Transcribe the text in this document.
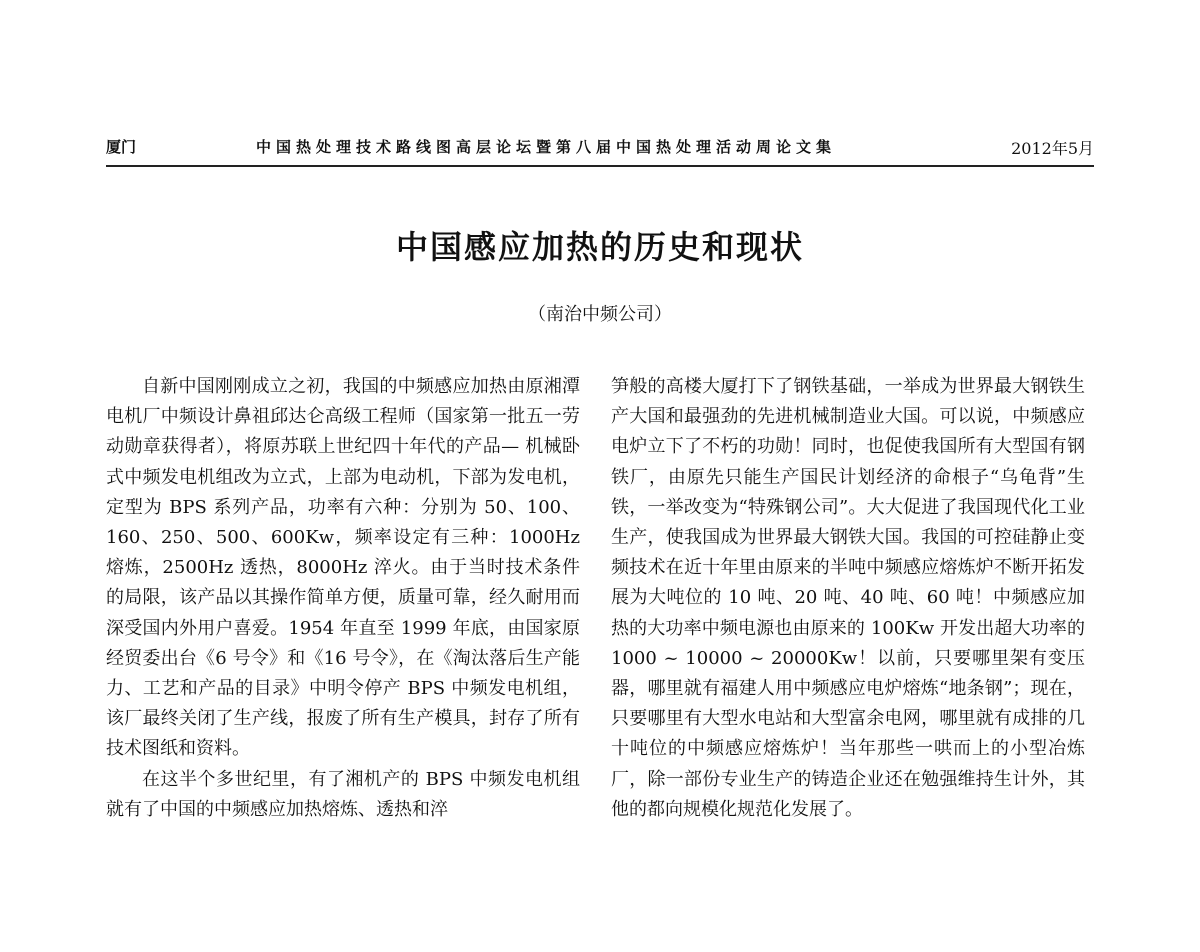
厦门	中国热处理技术路线图高层论坛暨第八届中国热处理活动周论文集	2012年5月
中国感应加热的历史和现状
（南治中频公司）

自新中国刚刚成立之初，我国的中频感应加热由原湘潭电机厂中频设计鼻祖邱达仑高级工程师（国家第一批五一劳动勋章获得者），将原苏联上世纪四十年代的产品— 机械卧式中频发电机组改为立式，上部为电动机，下部为发电机，定型为 BPS 系列产品，功率有六种：分别为 50、100、160、250、500、600Kw，频率设定有三种：1000Hz 熔炼，2500Hz 透热，8000Hz 淬火。由于当时技术条件的局限，该产品以其操作简单方便，质量可靠，经久耐用而深受国内外用户喜爱。1954 年直至 1999 年底，由国家原经贸委出台《6 号令》和《16 号令》，在《淘汰落后生产能力、工艺和产品的目录》中明令停产 BPS 中频发电机组，该厂最终关闭了生产线，报废了所有生产模具，封存了所有技术图纸和资料。

在这半个多世纪里，有了湘机产的 BPS 中频发电机组就有了中国的中频感应加热熔炼、透热和淬

笋般的高楼大厦打下了钢铁基础，一举成为世界最大钢铁生产大国和最强劲的先进机械制造业大国。可以说，中频感应电炉立下了不朽的功勋！同时，也促使我国所有大型国有钢铁厂，由原先只能生产国民计划经济的命根子“乌龟背”生铁，一举改变为“特殊钢公司”。大大促进了我国现代化工业生产，使我国成为世界最大钢铁大国。我国的可控硅静止变频技术在近十年里由原来的半吨中频感应熔炼炉不断开拓发展为大吨位的 10 吨、20 吨、40 吨、60 吨！中频感应加热的大功率中频电源也由原来的 100Kw 开发出超大功率的 1000 ~ 10000 ~ 20000Kw！以前，只要哪里架有变压器，哪里就有福建人用中频感应电炉熔炼“地条钢”；现在，只要哪里有大型水电站和大型富余电网，哪里就有成排的几十吨位的中频感应熔炼炉！当年那些一哄而上的小型冶炼厂，除一部份专业生产的铸造企业还在勉强维持生计外，其他的都向规模化规范化发展了。
